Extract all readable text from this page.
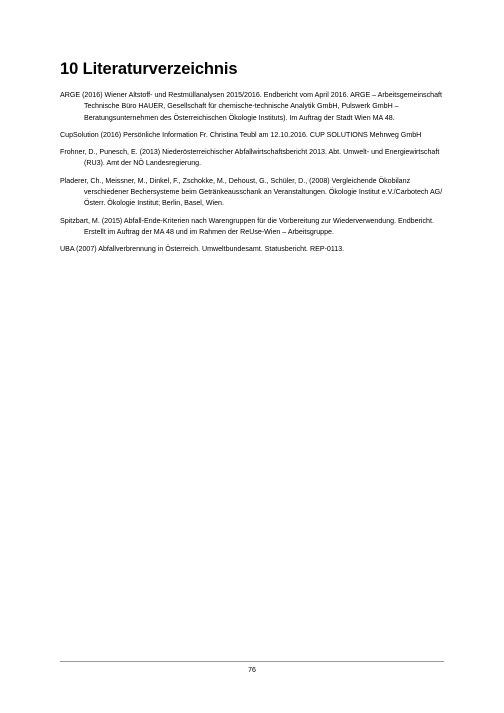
10 Literaturverzeichnis
ARGE (2016) Wiener Altstoff- und Restmüllanalysen 2015/2016. Endbericht vom April 2016. ARGE – Arbeitsgemeinschaft Technische Büro HAUER, Gesellschaft für chemische-technische Analytik GmbH, Pulswerk GmbH – Beratungsunternehmen des Österreichischen Ökologie Instituts). Im Auftrag der Stadt Wien MA 48.
CupSolution (2016) Persönliche Information Fr. Christina Teubl am 12.10.2016. CUP SOLUTIONS Mehrweg GmbH
Frohner, D., Punesch, E. (2013) Niederösterreichischer Abfallwirtschaftsbericht 2013. Abt. Umwelt- und Energiewirtschaft (RU3). Amt der NÖ Landesregierung.
Pladerer, Ch., Meissner, M., Dinkel, F., Zschokke, M., Dehoust, G., Schüler, D., (2008) Vergleichende Ökobilanz verschiedener Bechersysteme beim Getränkeausschank an Veranstaltungen. Ökologie Institut e.V./Carbotech AG/ Österr. Ökologie Institut; Berlin, Basel, Wien.
Spitzbart, M. (2015) Abfall-Ende-Kriterien nach Warengruppen für die Vorbereitung zur Wiederverwendung. Endbericht. Erstellt im Auftrag der MA 48 und im Rahmen der ReUse-Wien – Arbeitsgruppe.
UBA (2007) Abfallverbrennung in Österreich. Umweltbundesamt. Statusbericht. REP-0113.
76
